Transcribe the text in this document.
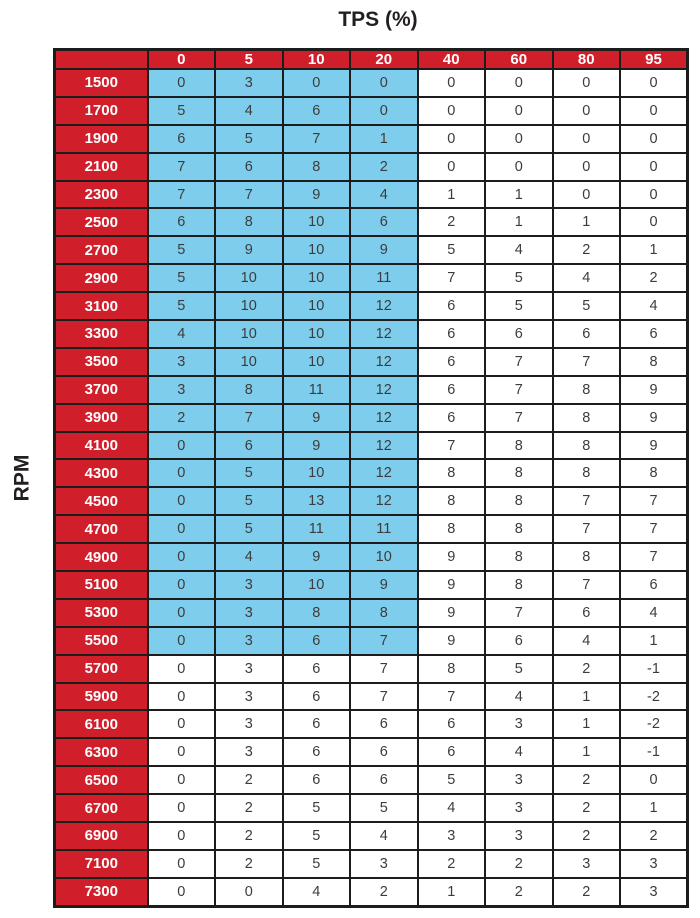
TPS (%)
RPM
	0	5	10	20	40	60	80	95
1500	0	3	0	0	0	0	0	0
1700	5	4	6	0	0	0	0	0
1900	6	5	7	1	0	0	0	0
2100	7	6	8	2	0	0	0	0
2300	7	7	9	4	1	1	0	0
2500	6	8	10	6	2	1	1	0
2700	5	9	10	9	5	4	2	1
2900	5	10	10	11	7	5	4	2
3100	5	10	10	12	6	5	5	4
3300	4	10	10	12	6	6	6	6
3500	3	10	10	12	6	7	7	8
3700	3	8	11	12	6	7	8	9
3900	2	7	9	12	6	7	8	9
4100	0	6	9	12	7	8	8	9
4300	0	5	10	12	8	8	8	8
4500	0	5	13	12	8	8	7	7
4700	0	5	11	11	8	8	7	7
4900	0	4	9	10	9	8	8	7
5100	0	3	10	9	9	8	7	6
5300	0	3	8	8	9	7	6	4
5500	0	3	6	7	9	6	4	1
5700	0	3	6	7	8	5	2	-1
5900	0	3	6	7	7	4	1	-2
6100	0	3	6	6	6	3	1	-2
6300	0	3	6	6	6	4	1	-1
6500	0	2	6	6	5	3	2	0
6700	0	2	5	5	4	3	2	1
6900	0	2	5	4	3	3	2	2
7100	0	2	5	3	2	2	3	3
7300	0	0	4	2	1	2	2	3
